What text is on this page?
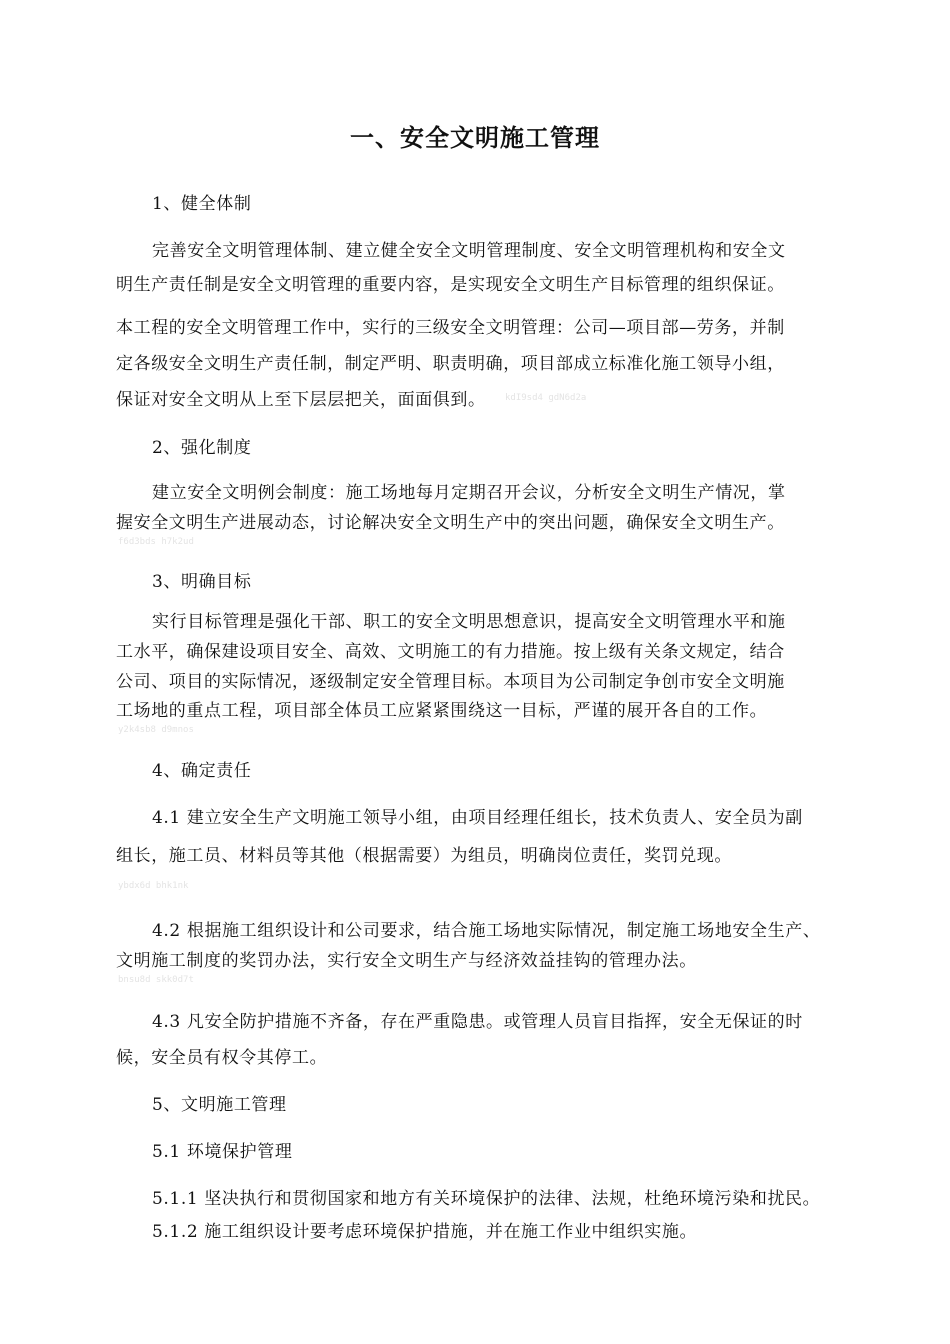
一、安全文明施工管理
1、健全体制
完善安全文明管理体制、建立健全安全文明管理制度、安全文明管理机构和安全文
明生产责任制是安全文明管理的重要内容，是实现安全文明生产目标管理的组织保证。
本工程的安全文明管理工作中，实行的三级安全文明管理：公司—项目部—劳务，并制
定各级安全文明生产责任制，制定严明、职责明确，项目部成立标准化施工领导小组，
保证对安全文明从上至下层层把关，面面俱到。 kdI9sd4 gdN6d2a
2、强化制度
建立安全文明例会制度：施工场地每月定期召开会议，分析安全文明生产情况，掌
握安全文明生产进展动态，讨论解决安全文明生产中的突出问题，确保安全文明生产。
f6d3bds h7k2ud
3、明确目标
实行目标管理是强化干部、职工的安全文明思想意识，提高安全文明管理水平和施
工水平，确保建设项目安全、高效、文明施工的有力措施。按上级有关条文规定，结合
公司、项目的实际情况，逐级制定安全管理目标。本项目为公司制定争创市安全文明施
工场地的重点工程，项目部全体员工应紧紧围绕这一目标，严谨的展开各自的工作。
y2k4sb8 d9mnos
4、确定责任
4.1 建立安全生产文明施工领导小组，由项目经理任组长，技术负责人、安全员为副
组长，施工员、材料员等其他（根据需要）为组员，明确岗位责任，奖罚兑现。
ybdx6d bhk1nk
4.2 根据施工组织设计和公司要求，结合施工场地实际情况，制定施工场地安全生产、
文明施工制度的奖罚办法，实行安全文明生产与经济效益挂钩的管理办法。
bnsu8d skk0d7t
4.3 凡安全防护措施不齐备，存在严重隐患。或管理人员盲目指挥，安全无保证的时
候，安全员有权令其停工。
5、文明施工管理
5.1 环境保护管理
5.1.1 坚决执行和贯彻国家和地方有关环境保护的法律、法规，杜绝环境污染和扰民。
5.1.2 施工组织设计要考虑环境保护措施，并在施工作业中组织实施。
